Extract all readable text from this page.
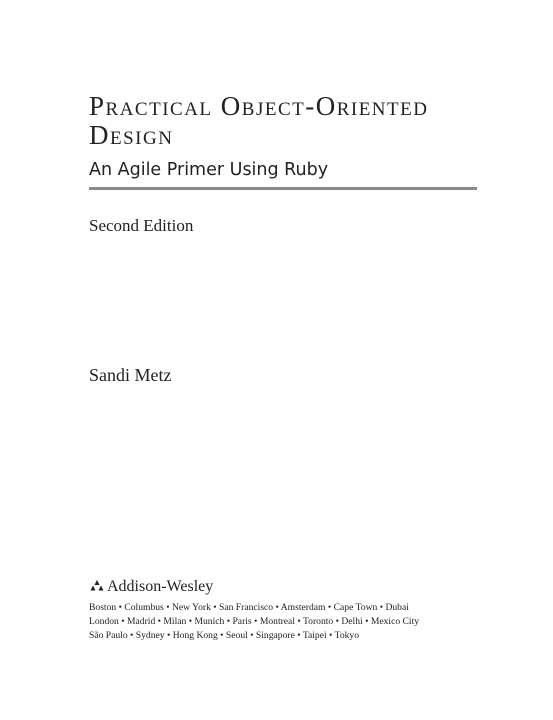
Practical Object-Oriented
Design

An Agile Primer Using Ruby

Second Edition
Sandi Metz
Addison-Wesley
Boston • Columbus • New York • San Francisco • Amsterdam • Cape Town • Dubai
London • Madrid • Milan • Munich • Paris • Montreal • Toronto • Delhi • Mexico City
São Paulo • Sydney • Hong Kong • Seoul • Singapore • Taipei • Tokyo
